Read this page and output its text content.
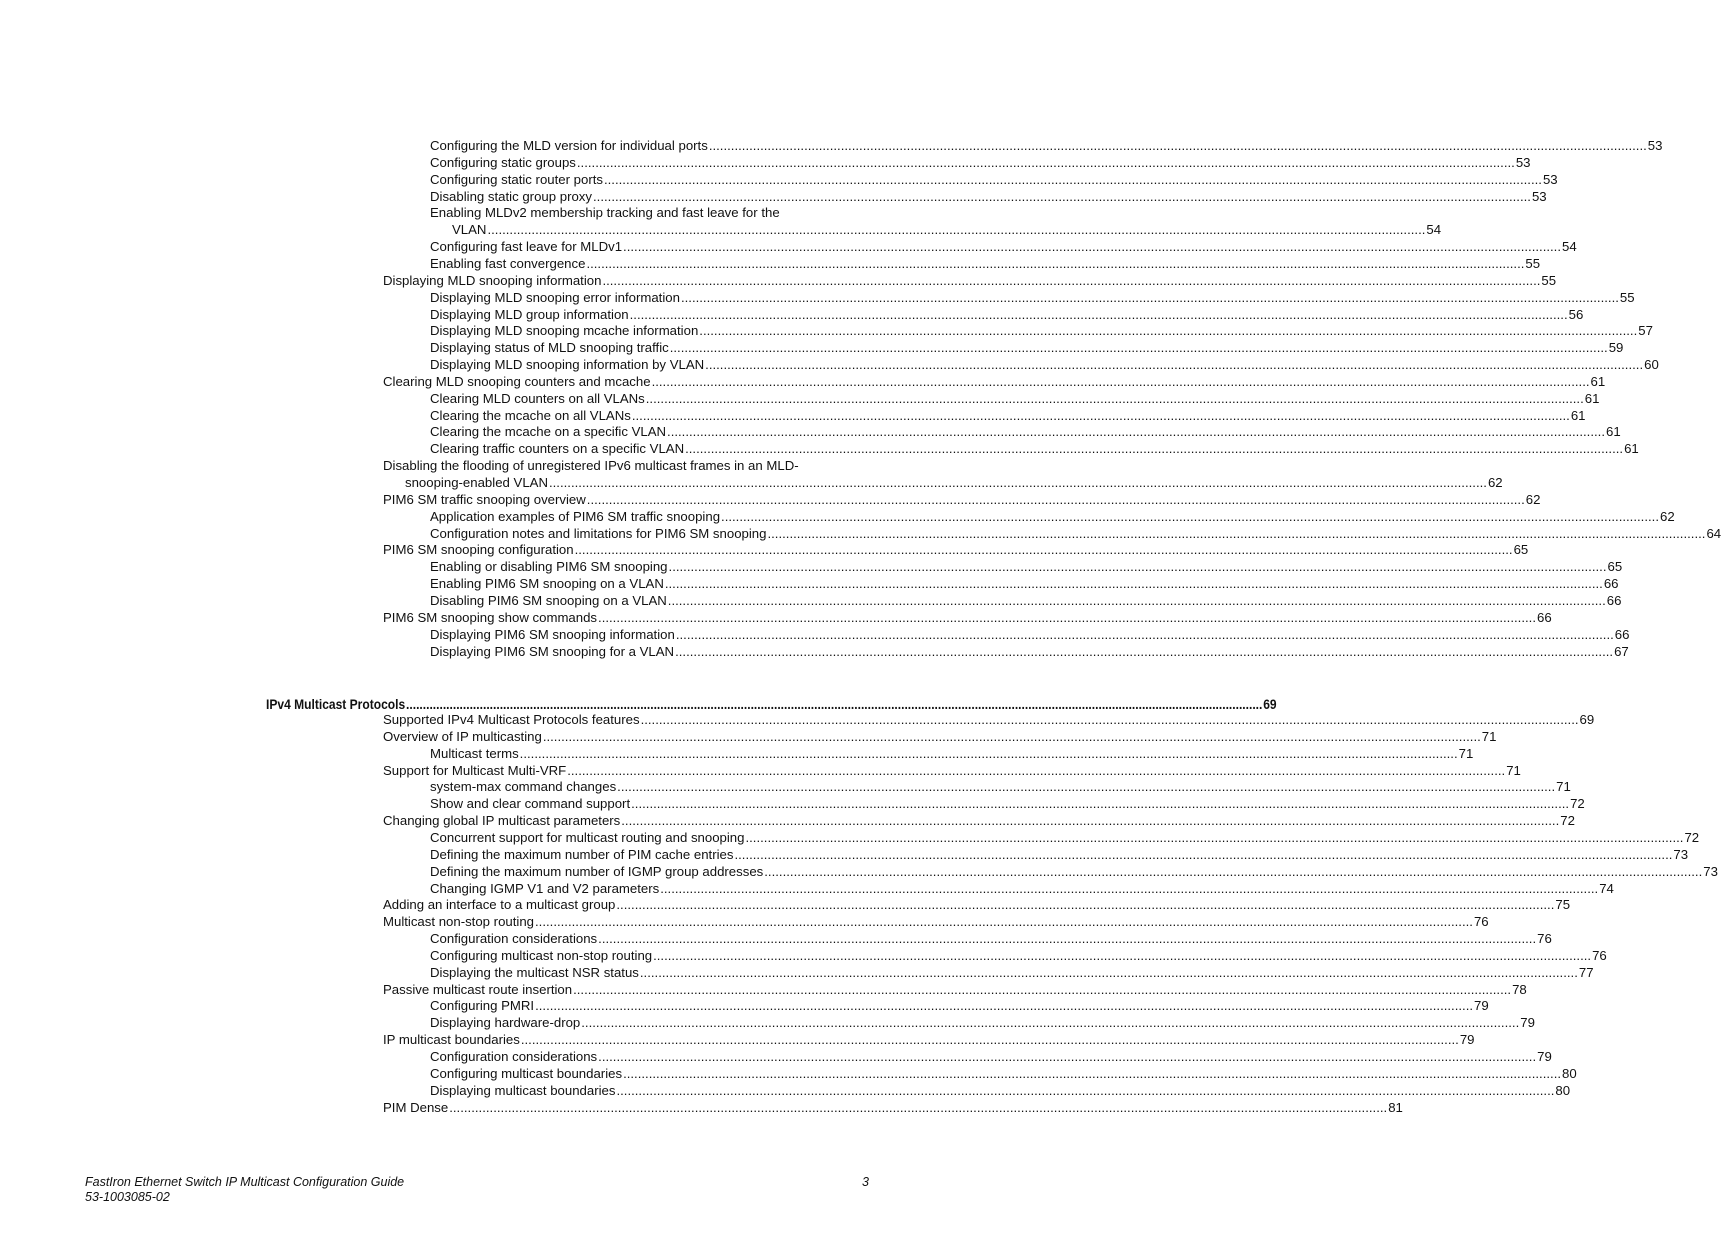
Configuring the MLD version for individual ports .....	53
Configuring static groups .....	53
Configuring static router ports .....	53
Disabling static group proxy .....	53
Enabling MLDv2 membership tracking and fast leave for the
VLAN .....	54
Configuring fast leave for MLDv1 .....	54
Enabling fast convergence .....	55
Displaying MLD snooping information .....	55
Displaying MLD snooping error information .....	55
Displaying MLD group information .....	56
Displaying MLD snooping mcache information .....	57
Displaying status of MLD snooping traffic .....	59
Displaying MLD snooping information by VLAN .....	60
Clearing MLD snooping counters and mcache .....	61
Clearing MLD counters on all VLANs .....	61
Clearing the mcache on all VLANs .....	61
Clearing the mcache on a specific VLAN .....	61
Clearing traffic counters on a specific VLAN .....	61
Disabling the flooding of unregistered IPv6 multicast frames in an MLD-
snooping-enabled VLAN .....	62
PIM6 SM traffic snooping overview .....	62
Application examples of PIM6 SM traffic snooping .....	62
Configuration notes and limitations for PIM6 SM snooping .....	64
PIM6 SM snooping configuration .....	65
Enabling or disabling PIM6 SM snooping .....	65
Enabling PIM6 SM snooping on a VLAN .....	66
Disabling PIM6 SM snooping on a VLAN .....	66
PIM6 SM snooping show commands .....	66
Displaying PIM6 SM snooping information .....	66
Displaying PIM6 SM snooping for a VLAN .....	67
IPv4 Multicast Protocols .....	69
Supported IPv4 Multicast Protocols features .....	69
Overview of IP multicasting .....	71
Multicast terms .....	71
Support for Multicast Multi-VRF .....	71
system-max command changes .....	71
Show and clear command support .....	72
Changing global IP multicast parameters .....	72
Concurrent support for multicast routing and snooping .....	72
Defining the maximum number of PIM cache entries .....	73
Defining the maximum number of IGMP group addresses .....	73
Changing IGMP V1 and V2 parameters .....	74
Adding an interface to a multicast group .....	75
Multicast non-stop routing .....	76
Configuration considerations .....	76
Configuring multicast non-stop routing .....	76
Displaying the multicast NSR status .....	77
Passive multicast route insertion .....	78
Configuring PMRI .....	79
Displaying hardware-drop .....	79
IP multicast boundaries .....	79
Configuration considerations .....	79
Configuring multicast boundaries .....	80
Displaying multicast boundaries .....	80
PIM Dense .....	81
FastIron Ethernet Switch IP Multicast Configuration Guide
53-1003085-02
3
